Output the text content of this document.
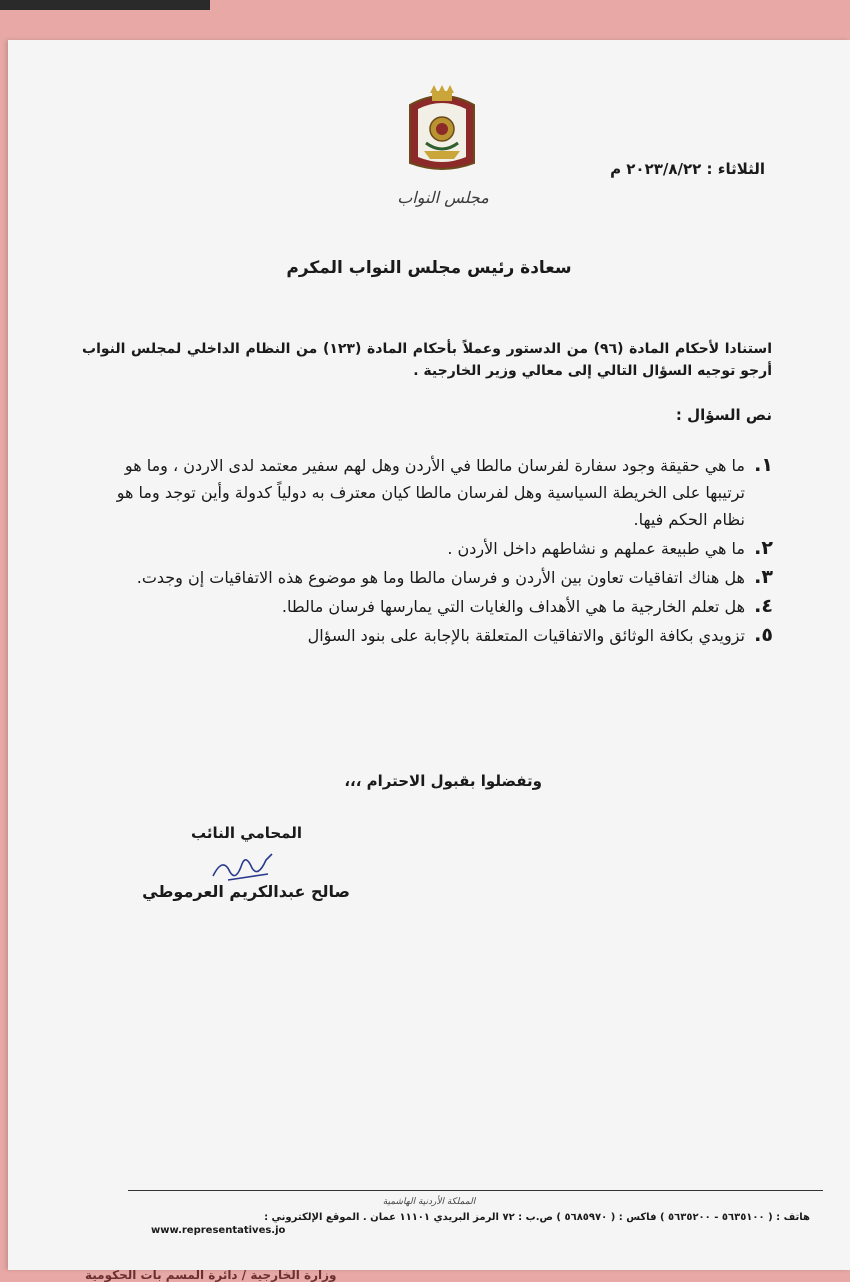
مجلس النواب
الثلاثاء : ٢٠٢٣/٨/٢٢ م
سعادة رئيس مجلس النواب المكرم
استنادا لأحكام المادة (٩٦) من الدستور وعملاً بأحكام المادة (١٢٣) من النظام الداخلي لمجلس النواب أرجو توجيه السؤال التالي إلى معالي وزير الخارجية .
نص السؤال :
١.
ما هي حقيقة وجود سفارة لفرسان مالطا في الأردن وهل لهم سفير معتمد لدى الاردن ، وما هو ترتيبها على الخريطة السياسية وهل لفرسان مالطا كيان معترف به دولياً كدولة وأين توجد وما هو نظام الحكم فيها.
٢.
ما هي طبيعة عملهم و نشاطهم داخل الأردن .
٣.
هل هناك اتفاقيات تعاون بين الأردن و فرسان مالطا وما هو موضوع هذه الاتفاقيات إن وجدت.
٤.
هل تعلم الخارجية ما هي الأهداف والغايات التي يمارسها فرسان مالطا.
٥.
تزويدي بكافة الوثائق والاتفاقيات المتعلقة بالإجابة على بنود السؤال
وتفضلوا بقبول الاحترام ،،،
المحامي النائب
صالح عبدالكريم العرموطي
المملكة الأردنية الهاشمية
هاتف : ( ٥٦٣٥١٠٠ - ٥٦٣٥٢٠٠ ) فاكس : ( ٥٦٨٥٩٧٠ ) ص.ب : ٧٢ الرمز البريدي ١١١٠١ عمان . الموقع الإلكتروني :
www.representatives.jo
وزارة الخارجية / دائرة المسم بات الحكومية
